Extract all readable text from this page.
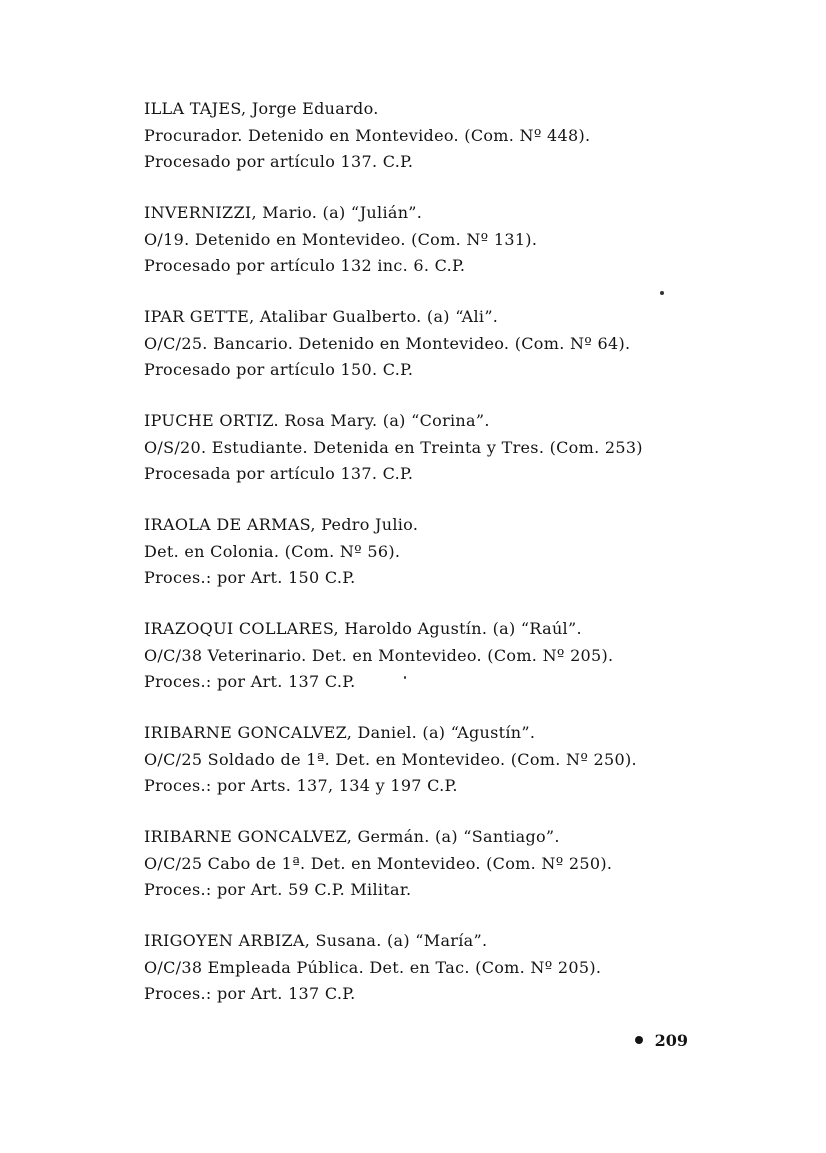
ILLA TAJES, Jorge Eduardo.
Procurador. Detenido en Montevideo. (Com. Nº 448).
Procesado por artículo 137. C.P.
INVERNIZZI, Mario. (a) “Julián”.
O/19. Detenido en Montevideo. (Com. Nº 131).
Procesado por artículo 132 inc. 6. C.P.
IPAR GETTE, Atalibar Gualberto. (a) “Ali”.
O/C/25. Bancario. Detenido en Montevideo. (Com. Nº 64).
Procesado por artículo 150. C.P.
IPUCHE ORTIZ. Rosa Mary. (a) “Corina”.
O/S/20. Estudiante. Detenida en Treinta y Tres. (Com. 253)
Procesada por artículo 137. C.P.
IRAOLA DE ARMAS, Pedro Julio.
Det. en Colonia. (Com. Nº 56).
Proces.: por Art. 150 C.P.
IRAZOQUI COLLARES, Haroldo Agustín. (a) “Raúl”.
O/C/38 Veterinario. Det. en Montevideo. (Com. Nº 205).
Proces.: por Art. 137 C.P.
IRIBARNE GONCALVEZ, Daniel. (a) “Agustín”.
O/C/25 Soldado de 1ª. Det. en Montevideo. (Com. Nº 250).
Proces.: por Arts. 137, 134 y 197 C.P.
IRIBARNE GONCALVEZ, Germán. (a) “Santiago”.
O/C/25 Cabo de 1ª. Det. en Montevideo. (Com. Nº 250).
Proces.: por Art. 59 C.P. Militar.
IRIGOYEN ARBIZA, Susana. (a) “María”.
O/C/38 Empleada Pública. Det. en Tac. (Com. Nº 205).
Proces.: por Art. 137 C.P.
209
